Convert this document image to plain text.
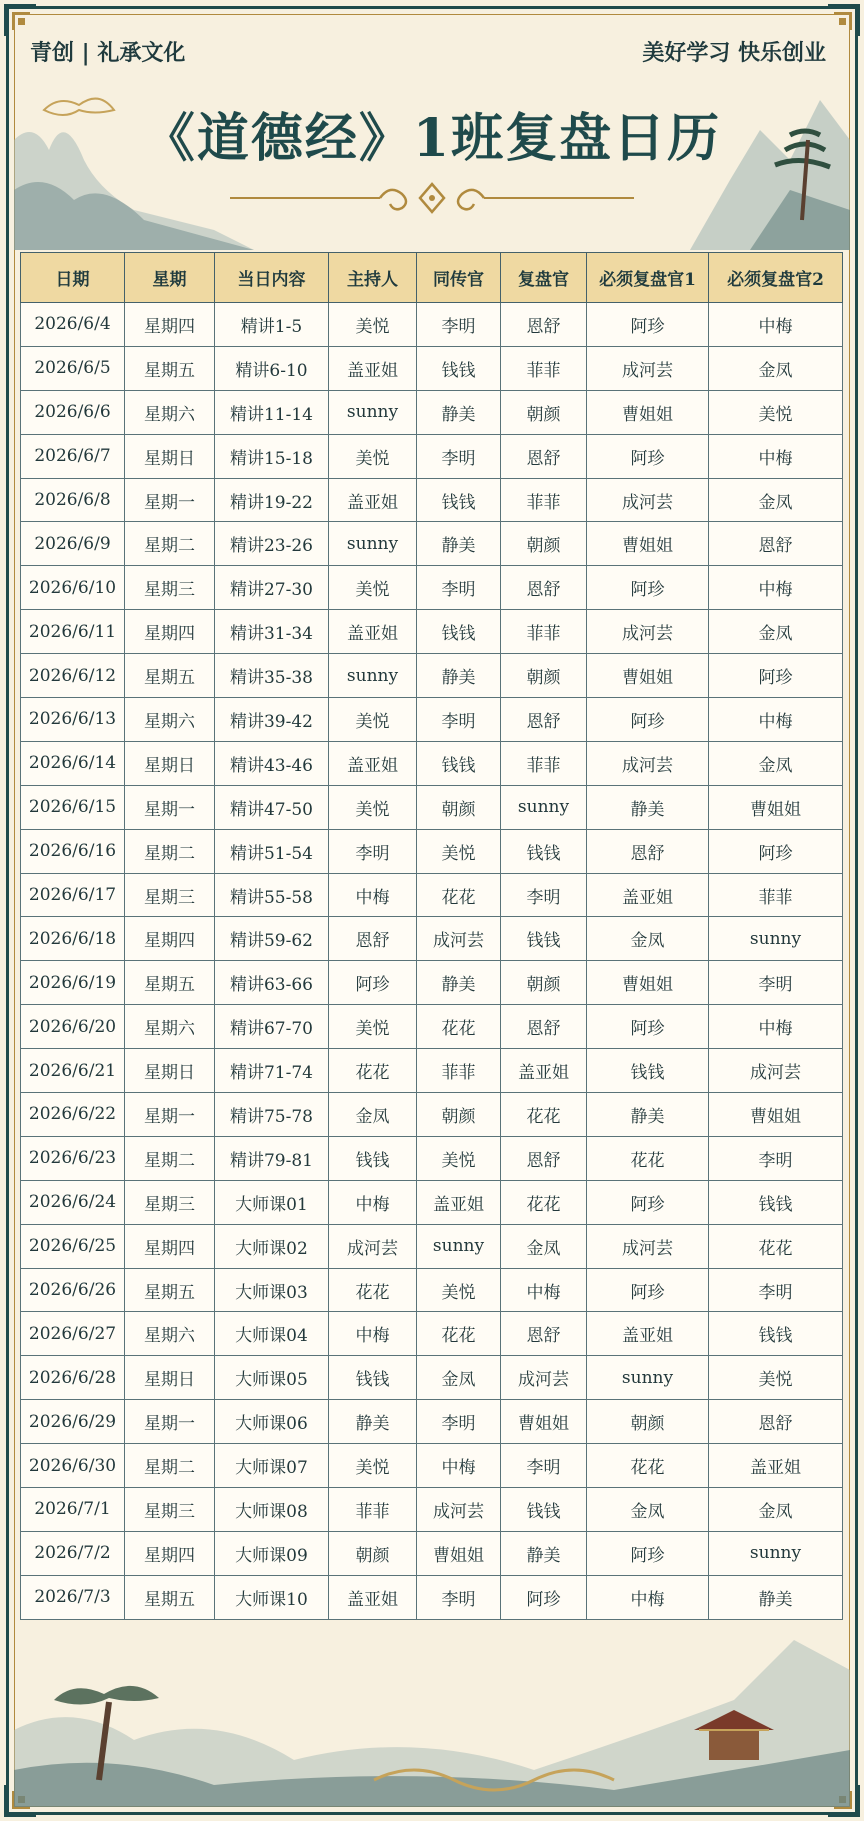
青创 | 礼承文化	美好学习 快乐创业
《道德经》1班复盘日历
日期	星期	当日内容	主持人	同传官	复盘官	必须复盘官1	必须复盘官2
2026/6/4	星期四	精讲1-5	美悦	李明	恩舒	阿珍	中梅
2026/6/5	星期五	精讲6-10	盖亚姐	钱钱	菲菲	成河芸	金凤
2026/6/6	星期六	精讲11-14	sunny	静美	朝颜	曹姐姐	美悦
2026/6/7	星期日	精讲15-18	美悦	李明	恩舒	阿珍	中梅
2026/6/8	星期一	精讲19-22	盖亚姐	钱钱	菲菲	成河芸	金凤
2026/6/9	星期二	精讲23-26	sunny	静美	朝颜	曹姐姐	恩舒
2026/6/10	星期三	精讲27-30	美悦	李明	恩舒	阿珍	中梅
2026/6/11	星期四	精讲31-34	盖亚姐	钱钱	菲菲	成河芸	金凤
2026/6/12	星期五	精讲35-38	sunny	静美	朝颜	曹姐姐	阿珍
2026/6/13	星期六	精讲39-42	美悦	李明	恩舒	阿珍	中梅
2026/6/14	星期日	精讲43-46	盖亚姐	钱钱	菲菲	成河芸	金凤
2026/6/15	星期一	精讲47-50	美悦	朝颜	sunny	静美	曹姐姐
2026/6/16	星期二	精讲51-54	李明	美悦	钱钱	恩舒	阿珍
2026/6/17	星期三	精讲55-58	中梅	花花	李明	盖亚姐	菲菲
2026/6/18	星期四	精讲59-62	恩舒	成河芸	钱钱	金凤	sunny
2026/6/19	星期五	精讲63-66	阿珍	静美	朝颜	曹姐姐	李明
2026/6/20	星期六	精讲67-70	美悦	花花	恩舒	阿珍	中梅
2026/6/21	星期日	精讲71-74	花花	菲菲	盖亚姐	钱钱	成河芸
2026/6/22	星期一	精讲75-78	金凤	朝颜	花花	静美	曹姐姐
2026/6/23	星期二	精讲79-81	钱钱	美悦	恩舒	花花	李明
2026/6/24	星期三	大师课01	中梅	盖亚姐	花花	阿珍	钱钱
2026/6/25	星期四	大师课02	成河芸	sunny	金凤	成河芸	花花
2026/6/26	星期五	大师课03	花花	美悦	中梅	阿珍	李明
2026/6/27	星期六	大师课04	中梅	花花	恩舒	盖亚姐	钱钱
2026/6/28	星期日	大师课05	钱钱	金凤	成河芸	sunny	美悦
2026/6/29	星期一	大师课06	静美	李明	曹姐姐	朝颜	恩舒
2026/6/30	星期二	大师课07	美悦	中梅	李明	花花	盖亚姐
2026/7/1	星期三	大师课08	菲菲	成河芸	钱钱	金凤	金凤
2026/7/2	星期四	大师课09	朝颜	曹姐姐	静美	阿珍	sunny
2026/7/3	星期五	大师课10	盖亚姐	李明	阿珍	中梅	静美
